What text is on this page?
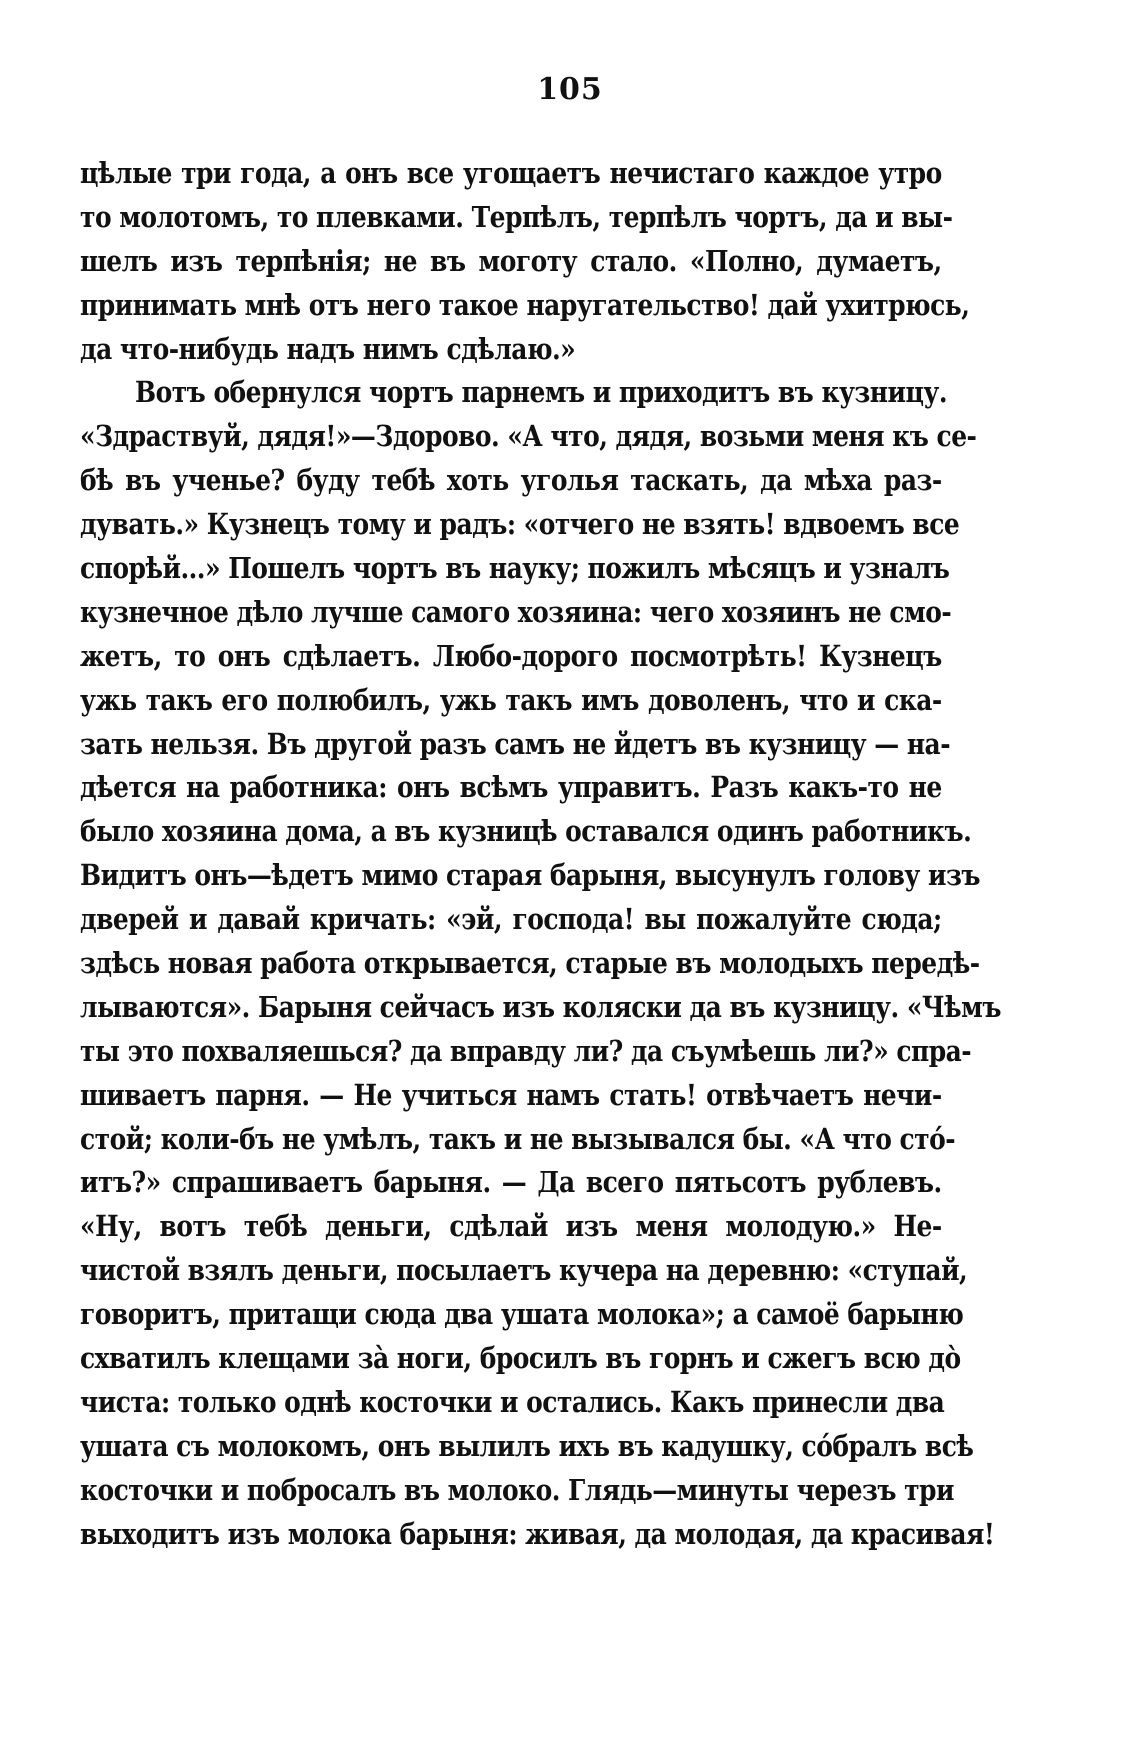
105
цѣлые три года, а онъ все угощаетъ нечистаго каждое утро
то молотомъ, то плевками. Терпѣлъ, терпѣлъ чортъ, да и вы-
шелъ изъ терпѣнія; не въ моготу стало. «Полно, думаетъ,
принимать мнѣ отъ него такое наругательство! дай ухитрюсь,
да что-нибудь надъ нимъ сдѣлаю.»
Вотъ обернулся чортъ парнемъ и приходитъ въ кузницу.
«Здраствуй, дядя!»—Здорово. «А что, дядя, возьми меня къ се-
бѣ въ ученье? буду тебѣ хоть уголья таскать, да мѣха раз-
дувать.» Кузнецъ тому и радъ: «отчего не взять! вдвоемъ все
спорѣй...» Пошелъ чортъ въ науку; пожилъ мѣсяцъ и узналъ
кузнечное дѣло лучше самого хозяина: чего хозяинъ не смо-
жетъ, то онъ сдѣлаетъ. Любо-дорого посмотрѣть! Кузнецъ
ужь такъ его полюбилъ, ужь такъ имъ доволенъ, что и ска-
зать нельзя. Въ другой разъ самъ не йдетъ въ кузницу — на-
дѣется на работника: онъ всѣмъ управитъ. Разъ какъ-то не
было хозяина дома, а въ кузницѣ оставался одинъ работникъ.
Видитъ онъ—ѣдетъ мимо старая барыня, высунулъ голову изъ
дверей и давай кричать: «эй, господа! вы пожалуйте сюда;
здѣсь новая работа открывается, старые въ молодыхъ передѣ-
лываются». Барыня сейчасъ изъ коляски да въ кузницу. «Чѣмъ
ты это похваляешься? да вправду ли? да съумѣешь ли?» спра-
шиваетъ парня. — Не учиться намъ стать! отвѣчаетъ нечи-
стой; коли-бъ не умѣлъ, такъ и не вызывался бы. «А что стó-
итъ?» спрашиваетъ барыня. — Да всего пятьсотъ рублевъ.
«Ну, вотъ тебѣ деньги, сдѣлай изъ меня молодую.» Не-
чистой взялъ деньги, посылаетъ кучера на деревню: «ступай,
говоритъ, притащи сюда два ушата молока»; а самоё барыню
схватилъ клещами зà ноги, бросилъ въ горнъ и сжегъ всю дò
чиста: только однѣ косточки и остались. Какъ принесли два
ушата съ молокомъ, онъ вылилъ ихъ въ кадушку, сóбралъ всѣ
косточки и побросалъ въ молоко. Глядь—минуты черезъ три
выходитъ изъ молока барыня: живая, да молодая, да красивая!
